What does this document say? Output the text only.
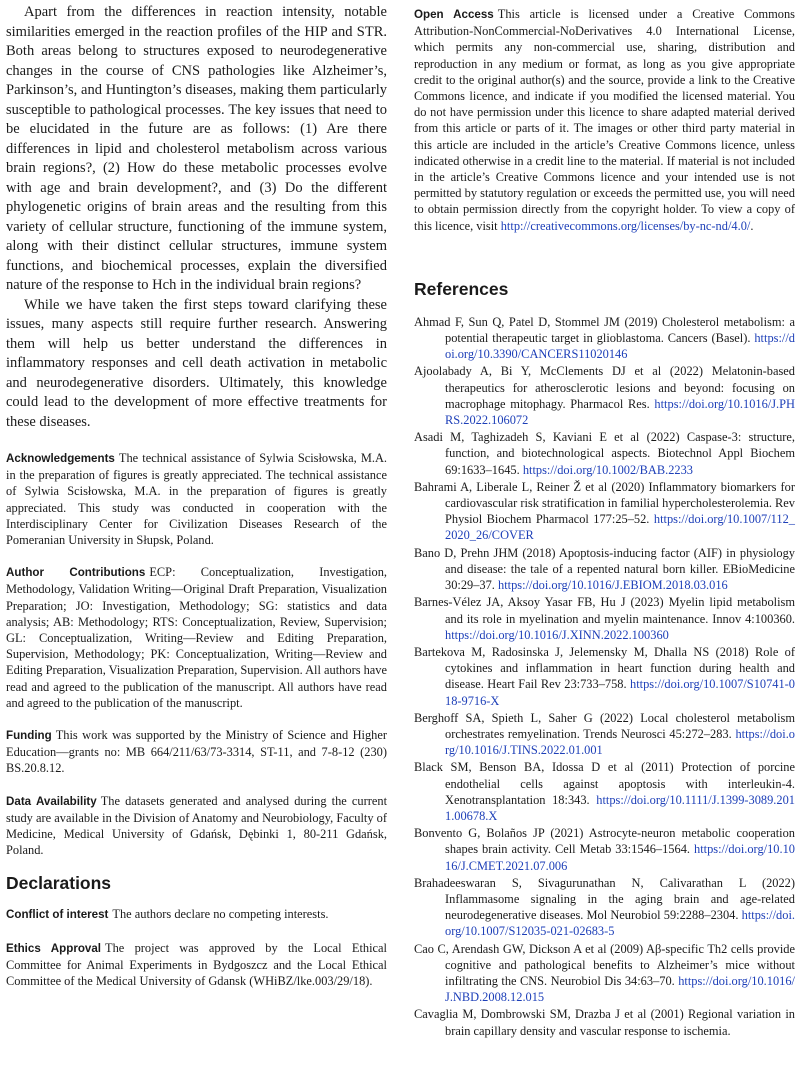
Apart from the differences in reaction intensity, notable similarities emerged in the reaction profiles of the HIP and STR. Both areas belong to structures exposed to neurodegenerative changes in the course of CNS pathologies like Alzheimer’s, Parkinson’s, and Huntington’s diseases, making them particularly susceptible to pathological processes. The key issues that need to be elucidated in the future are as follows: (1) Are there differences in lipid and cholesterol metabolism across various brain regions?, (2) How do these metabolic processes evolve with age and brain development?, and (3) Do the different phylogenetic origins of brain areas and the resulting from this variety of cellular structure, functioning of the immune system, along with their distinct cellular structures, immune system functions, and biochemical processes, explain the diversified nature of the response to Hch in the individual brain regions?

While we have taken the first steps toward clarifying these issues, many aspects still require further research. Answering them will help us better understand the differences in inflammatory responses and cell death activation in metabolic and neurodegenerative disorders. Ultimately, this knowledge could lead to the development of more effective treatments for these diseases.

Acknowledgements The technical assistance of Sylwia Scisłowska, M.A. in the preparation of figures is greatly appreciated. The technical assistance of Sylwia Scisłowska, M.A. in the preparation of figures is greatly appreciated. This study was conducted in cooperation with the Interdisciplinary Center for Civilization Diseases Research of the Pomeranian University in Słupsk, Poland.

Author Contributions ECP: Conceptualization, Investigation, Methodology, Validation Writing—Original Draft Preparation, Visualization Preparation; JO: Investigation, Methodology; SG: statistics and data analysis; AB: Methodology; RTS: Conceptualization, Review, Supervision; GL: Conceptualization, Writing—Review and Editing Preparation, Supervision, Methodology; PK: Conceptualization, Writing—Review and Editing Preparation, Visualization Preparation, Supervision. All authors have read and agreed to the publication of the manuscript. All authors have read and agreed to the publication of the manuscript.

Funding This work was supported by the Ministry of Science and Higher Education—grants no: MB 664/211/63/73-3314, ST-11, and 7-8-12 (230) BS.20.8.12.

Data Availability The datasets generated and analysed during the current study are available in the Division of Anatomy and Neurobiology, Faculty of Medicine, Medical University of Gdańsk, Dębinki 1, 80-211 Gdańsk, Poland.

Declarations

Conflict of interest The authors declare no competing interests.

Ethics Approval The project was approved by the Local Ethical Committee for Animal Experiments in Bydgoszcz and the Local Ethical Committee of the Medical University of Gdansk (WHiBZ/lke.003/29/18).

Open Access This article is licensed under a Creative Commons Attribution-NonCommercial-NoDerivatives 4.0 International License, which permits any non-commercial use, sharing, distribution and reproduction in any medium or format, as long as you give appropriate credit to the original author(s) and the source, provide a link to the Creative Commons licence, and indicate if you modified the licensed material. You do not have permission under this licence to share adapted material derived from this article or parts of it. The images or other third party material in this article are included in the article’s Creative Commons licence, unless indicated otherwise in a credit line to the material. If material is not included in the article’s Creative Commons licence and your intended use is not permitted by statutory regulation or exceeds the permitted use, you will need to obtain permission directly from the copyright holder. To view a copy of this licence, visit http://creativecommons.org/licenses/by-nc-nd/4.0/.

References

Ahmad F, Sun Q, Patel D, Stommel JM (2019) Cholesterol metabolism: a potential therapeutic target in glioblastoma. Cancers (Basel). https://doi.org/10.3390/CANCERS11020146

Ajoolabady A, Bi Y, McClements DJ et al (2022) Melatonin-based therapeutics for atherosclerotic lesions and beyond: focusing on macrophage mitophagy. Pharmacol Res. https://doi.org/10.1016/J.PHRS.2022.106072

Asadi M, Taghizadeh S, Kaviani E et al (2022) Caspase-3: structure, function, and biotechnological aspects. Biotechnol Appl Biochem 69:1633–1645. https://doi.org/10.1002/BAB.2233

Bahrami A, Liberale L, Reiner Ž et al (2020) Inflammatory biomarkers for cardiovascular risk stratification in familial hypercholesterolemia. Rev Physiol Biochem Pharmacol 177:25–52. https://doi.org/10.1007/112_2020_26/COVER

Bano D, Prehn JHM (2018) Apoptosis-inducing factor (AIF) in physiology and disease: the tale of a repented natural born killer. EBioMedicine 30:29–37. https://doi.org/10.1016/J.EBIOM.2018.03.016

Barnes-Vélez JA, Aksoy Yasar FB, Hu J (2023) Myelin lipid metabolism and its role in myelination and myelin maintenance. Innov 4:100360. https://doi.org/10.1016/J.XINN.2022.100360

Bartekova M, Radosinska J, Jelemensky M, Dhalla NS (2018) Role of cytokines and inflammation in heart function during health and disease. Heart Fail Rev 23:733–758. https://doi.org/10.1007/S10741-018-9716-X

Berghoff SA, Spieth L, Saher G (2022) Local cholesterol metabolism orchestrates remyelination. Trends Neurosci 45:272–283. https://doi.org/10.1016/J.TINS.2022.01.001

Black SM, Benson BA, Idossa D et al (2011) Protection of porcine endothelial cells against apoptosis with interleukin-4. Xenotransplantation 18:343. https://doi.org/10.1111/J.1399-3089.2011.00678.X

Bonvento G, Bolaños JP (2021) Astrocyte-neuron metabolic cooperation shapes brain activity. Cell Metab 33:1546–1564. https://doi.org/10.1016/J.CMET.2021.07.006

Brahadeeswaran S, Sivagurunathan N, Calivarathan L (2022) Inflammasome signaling in the aging brain and age-related neurodegenerative diseases. Mol Neurobiol 59:2288–2304. https://doi.org/10.1007/S12035-021-02683-5

Cao C, Arendash GW, Dickson A et al (2009) Aβ-specific Th2 cells provide cognitive and pathological benefits to Alzheimer’s mice without infiltrating the CNS. Neurobiol Dis 34:63–70. https://doi.org/10.1016/J.NBD.2008.12.015

Cavaglia M, Dombrowski SM, Drazba J et al (2001) Regional variation in brain capillary density and vascular response to ischemia.
